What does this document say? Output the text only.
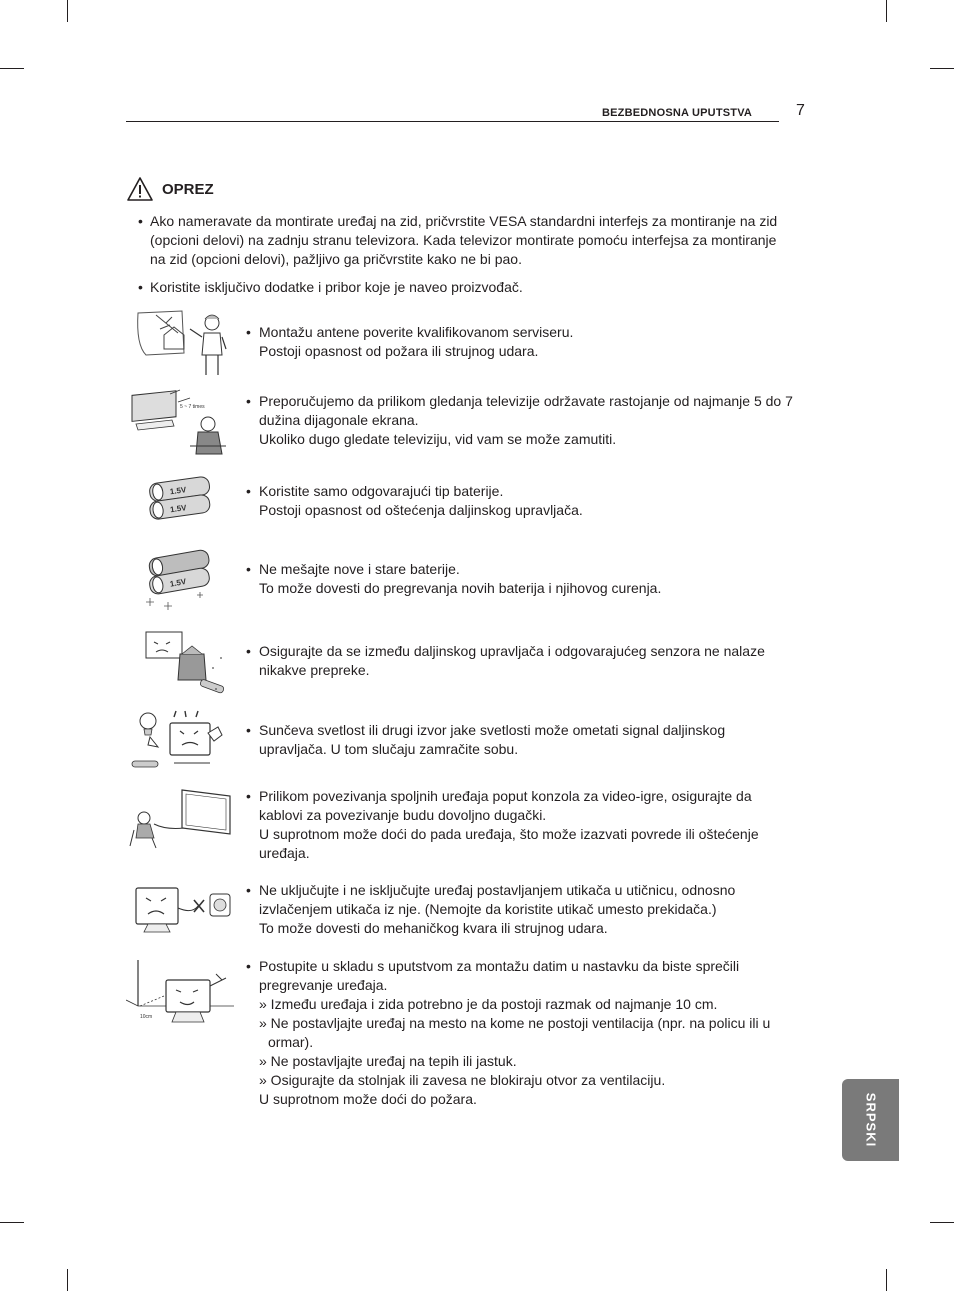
BEZBEDNOSNA UPUTSTVA	7
OPREZ
• Ako nameravate da montirate uređaj na zid, pričvrstite VESA standardni interfejs za montiranje na zid (opcioni delovi) na zadnju stranu televizora. Kada televizor montirate pomoću interfejsa za montiranje na zid (opcioni delovi), pažljivo ga pričvrstite kako ne bi pao.
• Koristite isključivo dodatke i pribor koje je naveo proizvođač.
• Montažu antene poverite kvalifikovanom serviseru.
Postoji opasnost od požara ili strujnog udara.
5 ~ 7 times	• Preporučujemo da prilikom gledanja televizije održavate rastojanje od najmanje 5 do 7 dužina dijagonale ekrana.
Ukoliko dugo gledate televiziju, vid vam se može zamutiti.
1.5V
1.5V
• Koristite samo odgovarajući tip baterije.
Postoji opasnost od oštećenja daljinskog upravljača.
1.5V
• Ne mešajte nove i stare baterije.
To može dovesti do pregrevanja novih baterija i njihovog curenja.
• Osigurajte da se između daljinskog upravljača i odgovarajućeg senzora ne nalaze nikakve prepreke.
• Sunčeva svetlost ili drugi izvor jake svetlosti može ometati signal daljinskog upravljača. U tom slučaju zamračite sobu.
• Prilikom povezivanja spoljnih uređaja poput konzola za video-igre, osigurajte da kablovi za povezivanje budu dovoljno dugački.
U suprotnom može doći do pada uređaja, što može izazvati povrede ili oštećenje uređaja.
• Ne uključujte i ne isključujte uređaj postavljanjem utikača u utičnicu, odnosno izvlačenjem utikača iz nje. (Nemojte da koristite utikač umesto prekidača.)
To može dovesti do mehaničkog kvara ili strujnog udara.
10cm
• Postupite u skladu s uputstvom za montažu datim u nastavku da biste sprečili pregrevanje uređaja.
» Između uređaja i zida potrebno je da postoji razmak od najmanje 10 cm.
» Ne postavljajte uređaj na mesto na kome ne postoji ventilacija (npr. na policu ili u ormar).
» Ne postavljajte uređaj na tepih ili jastuk.
» Osigurajte da stolnjak ili zavesa ne blokiraju otvor za ventilaciju.
U suprotnom može doći do požara.	SRPSKI
